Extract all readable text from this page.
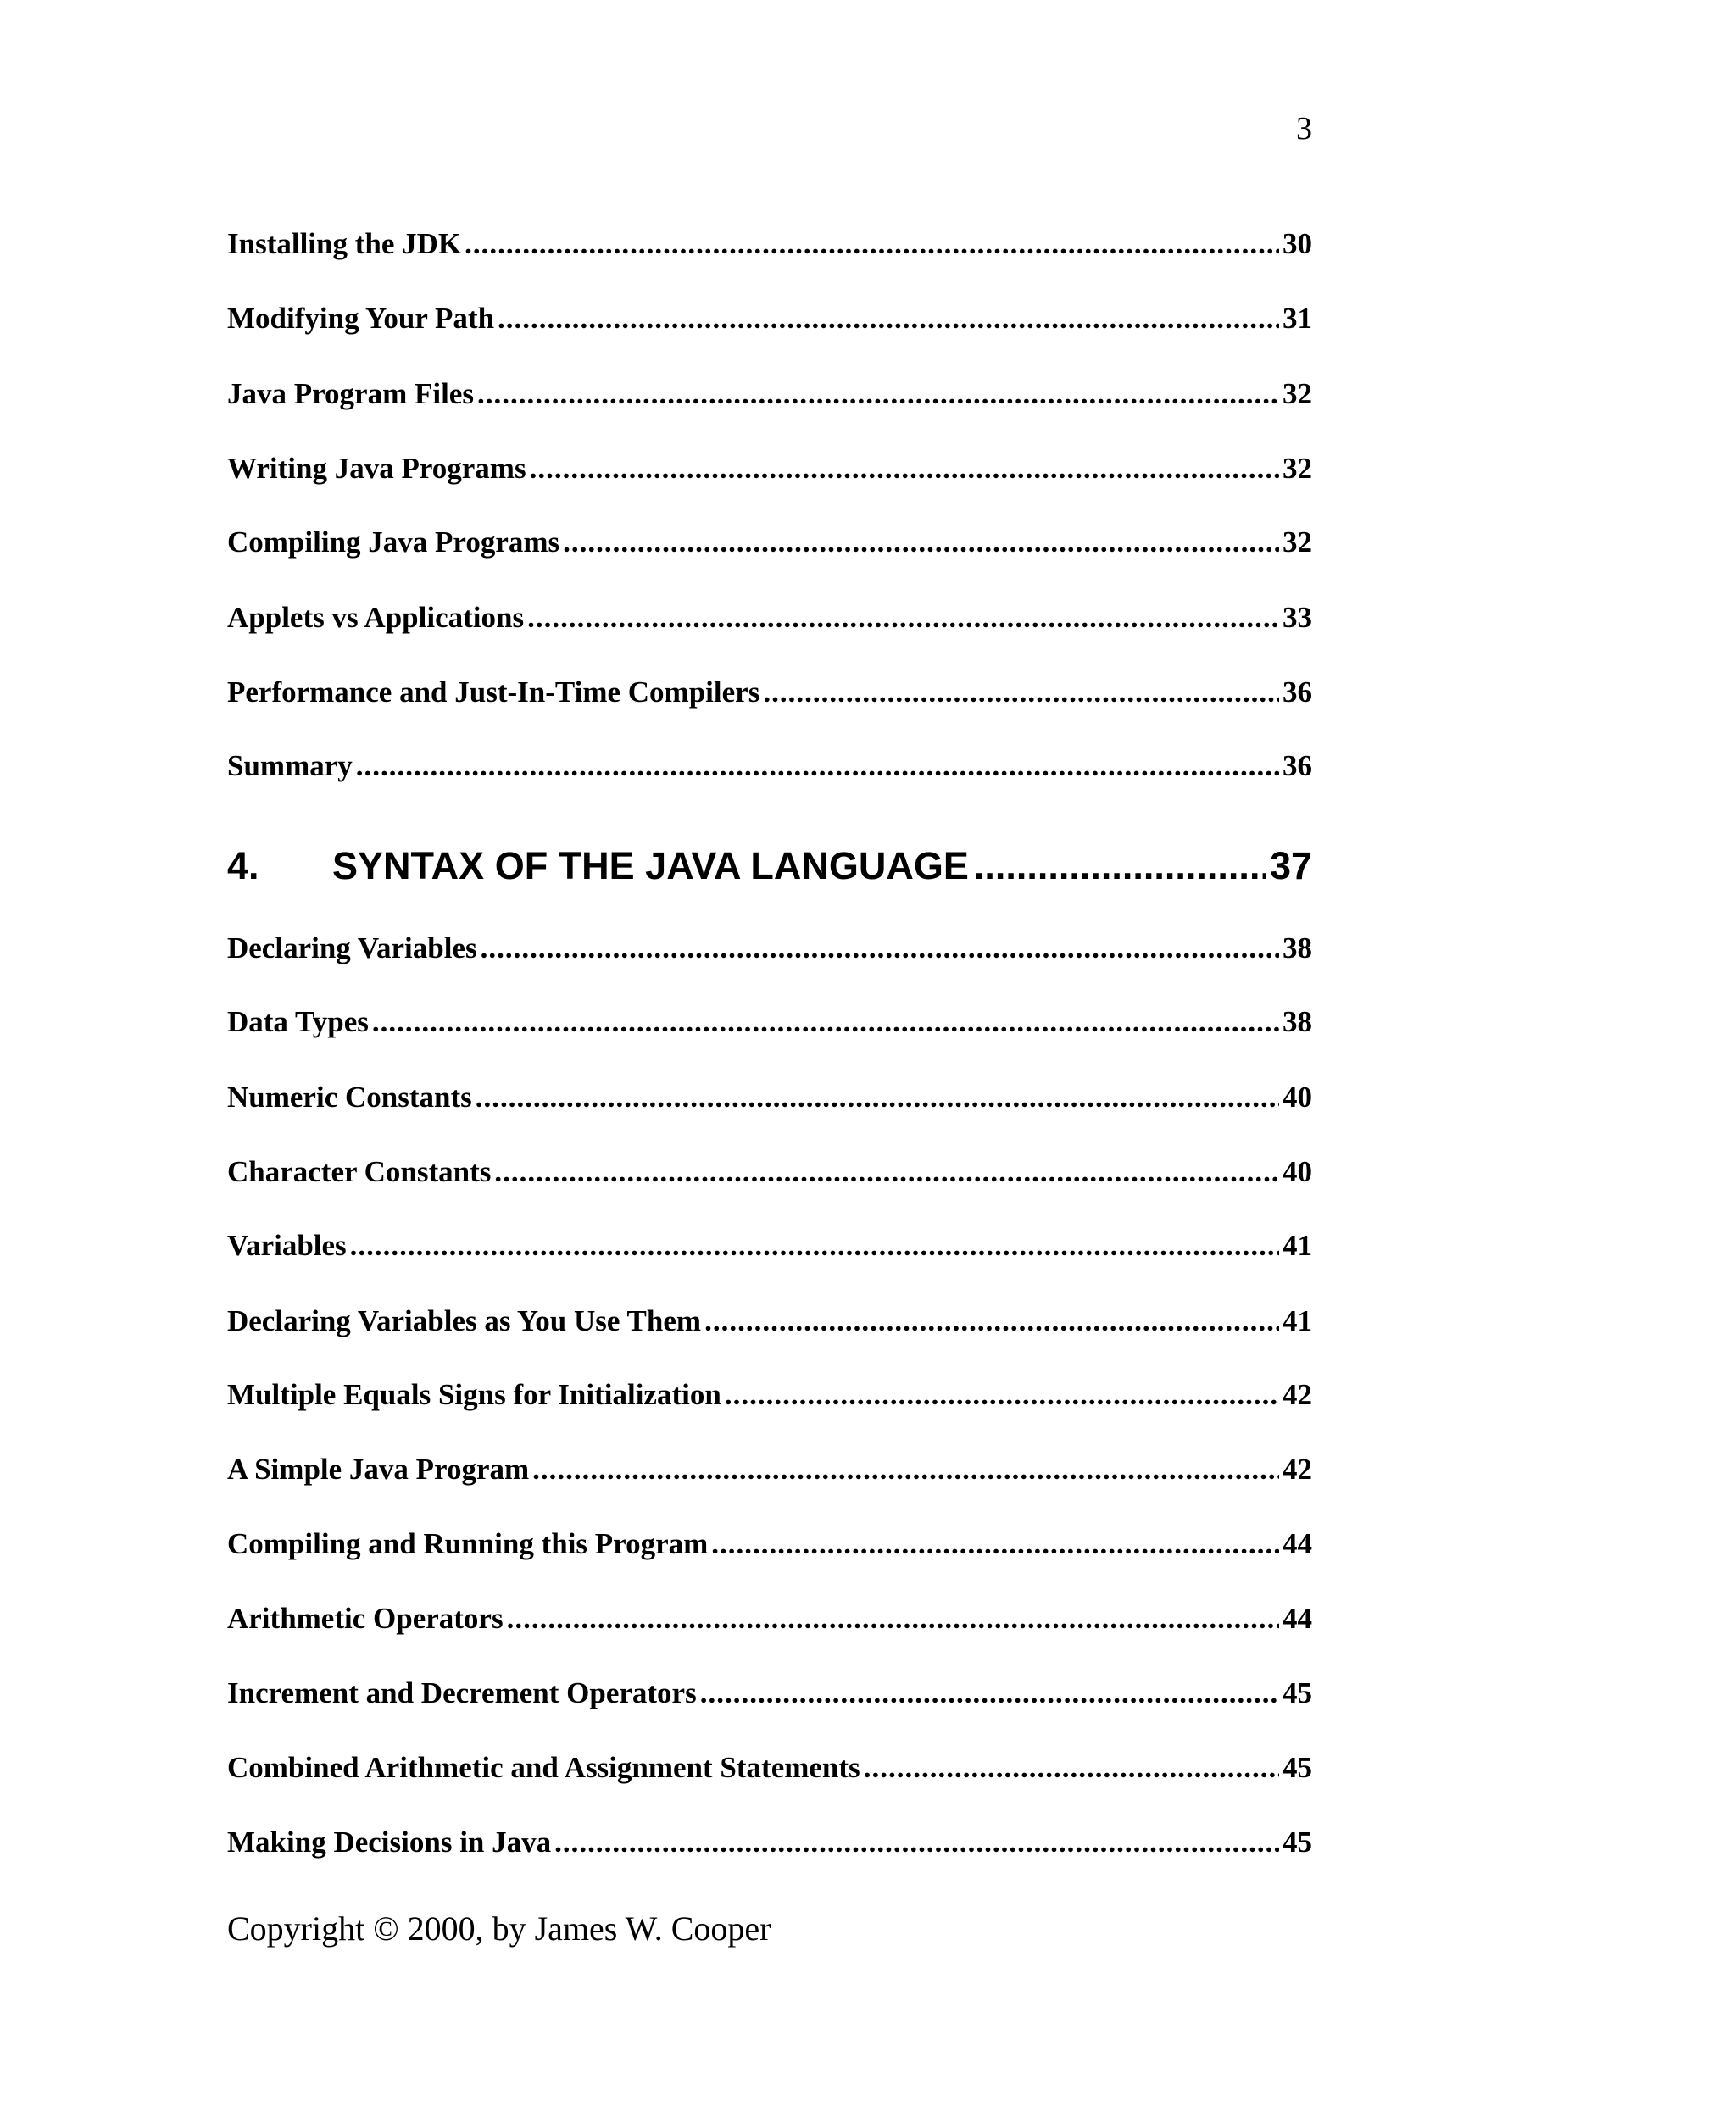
3
Installing the JDK .....	30
Modifying Your Path .....	31
Java Program Files .....	32
Writing Java Programs .....	32
Compiling Java Programs .....	32
Applets vs Applications .....	33
Performance and Just-In-Time Compilers .....	36
Summary .....	36
4.	SYNTAX OF THE JAVA LANGUAGE .....	37
Declaring Variables .....	38
Data Types .....	38
Numeric Constants .....	40
Character Constants .....	40
Variables .....	41
Declaring Variables as You Use Them .....	41
Multiple Equals Signs for Initialization .....	42
A Simple Java Program .....	42
Compiling and Running this Program .....	44
Arithmetic Operators .....	44
Increment and Decrement Operators .....	45
Combined Arithmetic and Assignment Statements .....	45
Making Decisions in Java .....	45
Copyright © 2000, by James W. Cooper
